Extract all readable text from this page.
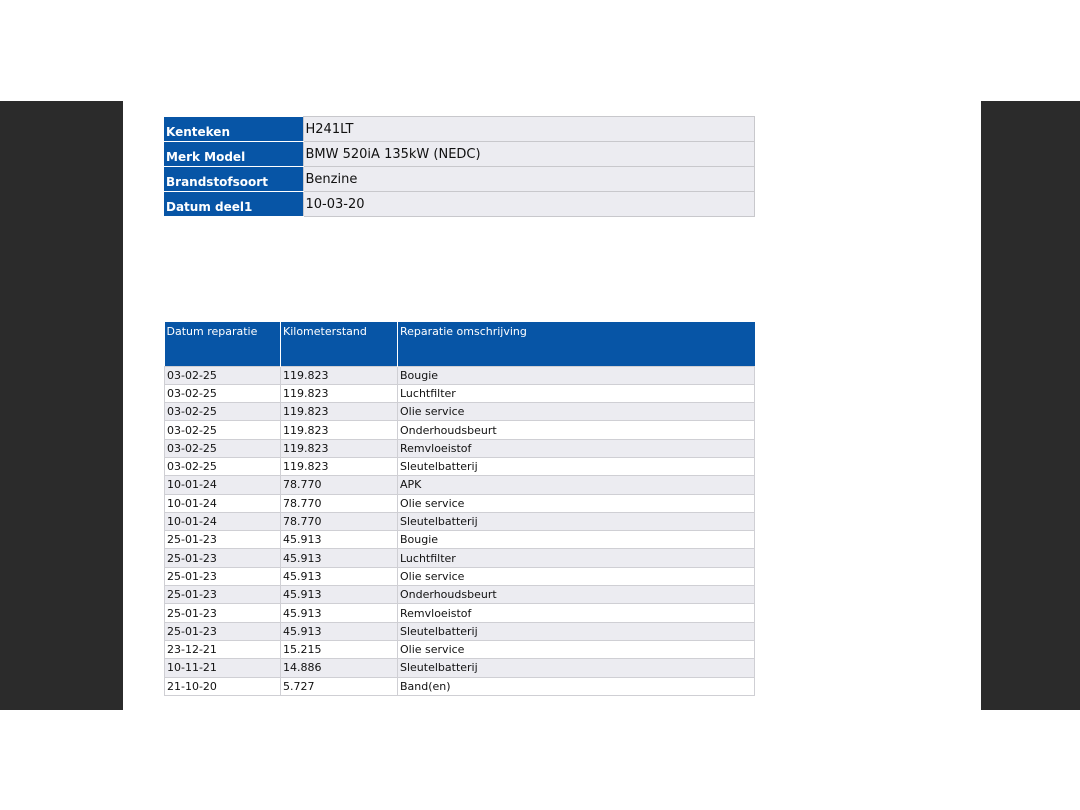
Kenteken	H241LT
Merk Model	BMW 520iA 135kW (NEDC)
Brandstofsoort	Benzine
Datum deel1	10-03-20
Datum reparatie	Kilometerstand	Reparatie omschrijving
03-02-25	119.823	Bougie
03-02-25	119.823	Luchtfilter
03-02-25	119.823	Olie service
03-02-25	119.823	Onderhoudsbeurt
03-02-25	119.823	Remvloeistof
03-02-25	119.823	Sleutelbatterij
10-01-24	78.770	APK
10-01-24	78.770	Olie service
10-01-24	78.770	Sleutelbatterij
25-01-23	45.913	Bougie
25-01-23	45.913	Luchtfilter
25-01-23	45.913	Olie service
25-01-23	45.913	Onderhoudsbeurt
25-01-23	45.913	Remvloeistof
25-01-23	45.913	Sleutelbatterij
23-12-21	15.215	Olie service
10-11-21	14.886	Sleutelbatterij
21-10-20	5.727	Band(en)
